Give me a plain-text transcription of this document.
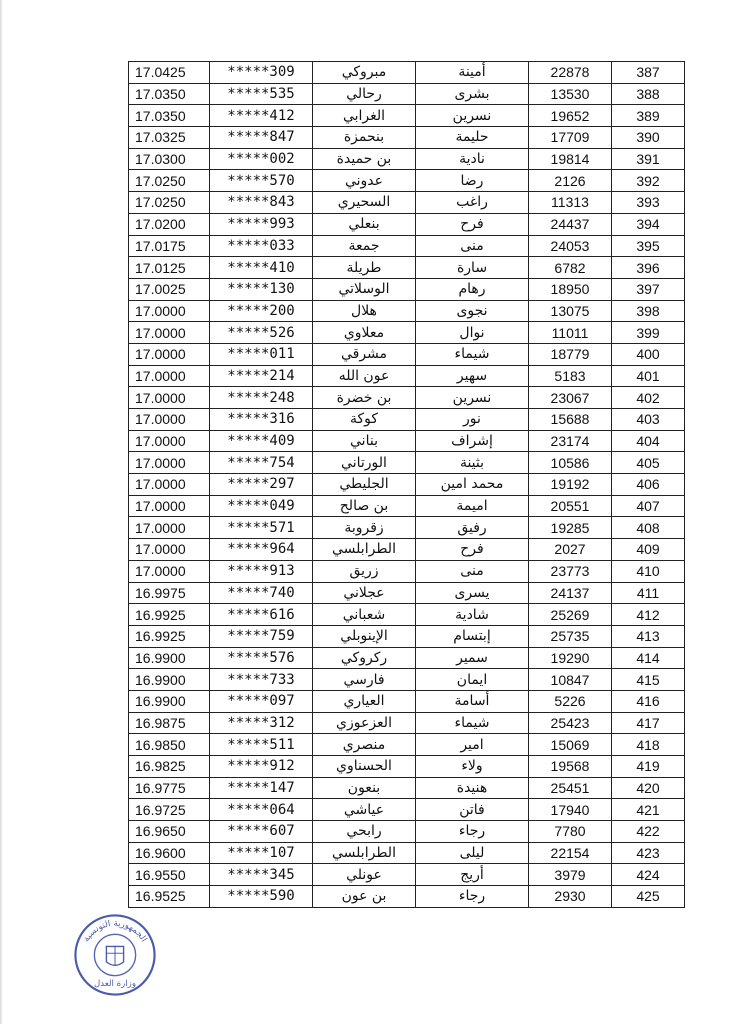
17.0425	*****309	مبروكي	أمينة	22878	387
17.0350	*****535	رحالي	بشرى	13530	388
17.0350	*****412	الغرابي	نسرين	19652	389
17.0325	*****847	بنحمزة	حليمة	17709	390
17.0300	*****002	بن حميدة	نادية	19814	391
17.0250	*****570	عدوني	رضا	2126	392
17.0250	*****843	السحيري	راغب	11313	393
17.0200	*****993	بنعلي	فرح	24437	394
17.0175	*****033	جمعة	منى	24053	395
17.0125	*****410	طريلة	سارة	6782	396
17.0025	*****130	الوسلاتي	رهام	18950	397
17.0000	*****200	هلال	نجوى	13075	398
17.0000	*****526	معلاوي	نوال	11011	399
17.0000	*****011	مشرقي	شيماء	18779	400
17.0000	*****214	عون الله	سهير	5183	401
17.0000	*****248	بن خضرة	نسرين	23067	402
17.0000	*****316	كوكة	نور	15688	403
17.0000	*****409	بناني	إشراف	23174	404
17.0000	*****754	الورتاني	بثينة	10586	405
17.0000	*****297	الجليطي	محمد امين	19192	406
17.0000	*****049	بن صالح	اميمة	20551	407
17.0000	*****571	زقروبة	رفيق	19285	408
17.0000	*****964	الطرابلسي	فرح	2027	409
17.0000	*****913	زريق	منى	23773	410
16.9975	*****740	عجلاني	يسرى	24137	411
16.9925	*****616	شعباني	شادية	25269	412
16.9925	*****759	الإينوبلي	إبتسام	25735	413
16.9900	*****576	ركروكي	سمير	19290	414
16.9900	*****733	فارسي	ايمان	10847	415
16.9900	*****097	العياري	أسامة	5226	416
16.9875	*****312	العزعوزي	شيماء	25423	417
16.9850	*****511	منصري	امير	15069	418
16.9825	*****912	الحسناوي	ولاء	19568	419
16.9775	*****147	بنعون	هنيدة	25451	420
16.9725	*****064	عياشي	فاتن	17940	421
16.9650	*****607	رابحي	رجاء	7780	422
16.9600	*****107	الطرابلسي	ليلى	22154	423
16.9550	*****345	عونلي	أريج	3979	424
16.9525	*****590	بن عون	رجاء	2930	425
الجمهورية التونسية
وزارة العدل
